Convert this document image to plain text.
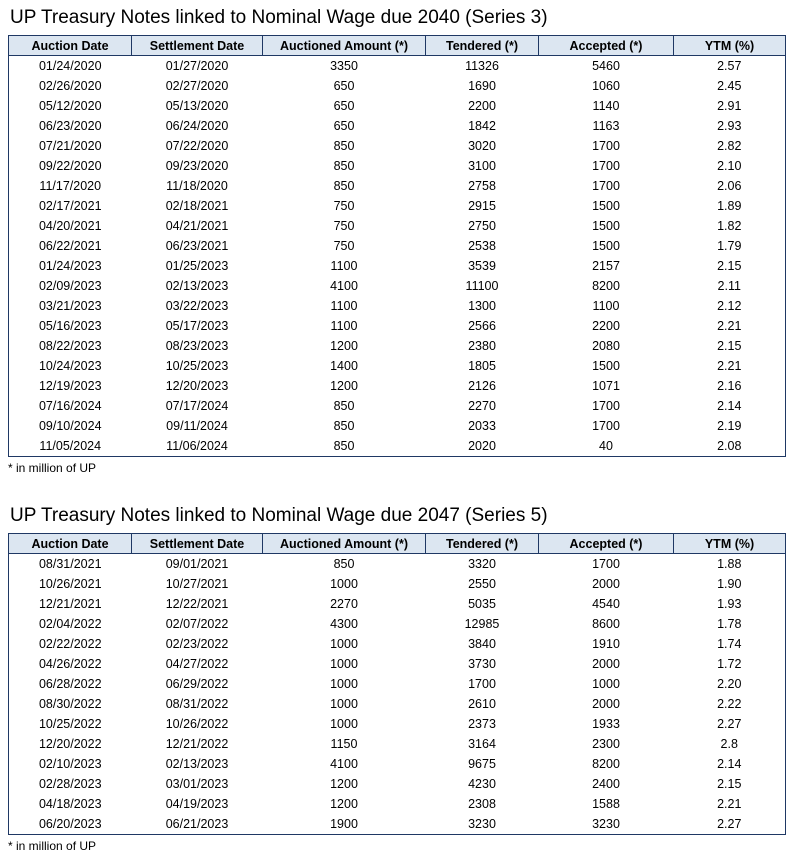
UP Treasury Notes linked to Nominal Wage due 2040 (Series 3)
Auction Date	Settlement Date	Auctioned Amount (*)	Tendered (*)	Accepted (*)	YTM (%)
01/24/2020	01/27/2020	3350	11326	5460	2.57
02/26/2020	02/27/2020	650	1690	1060	2.45
05/12/2020	05/13/2020	650	2200	1140	2.91
06/23/2020	06/24/2020	650	1842	1163	2.93
07/21/2020	07/22/2020	850	3020	1700	2.82
09/22/2020	09/23/2020	850	3100	1700	2.10
11/17/2020	11/18/2020	850	2758	1700	2.06
02/17/2021	02/18/2021	750	2915	1500	1.89
04/20/2021	04/21/2021	750	2750	1500	1.82
06/22/2021	06/23/2021	750	2538	1500	1.79
01/24/2023	01/25/2023	1100	3539	2157	2.15
02/09/2023	02/13/2023	4100	11100	8200	2.11
03/21/2023	03/22/2023	1100	1300	1100	2.12
05/16/2023	05/17/2023	1100	2566	2200	2.21
08/22/2023	08/23/2023	1200	2380	2080	2.15
10/24/2023	10/25/2023	1400	1805	1500	2.21
12/19/2023	12/20/2023	1200	2126	1071	2.16
07/16/2024	07/17/2024	850	2270	1700	2.14
09/10/2024	09/11/2024	850	2033	1700	2.19
11/05/2024	11/06/2024	850	2020	40	2.08
* in million of UP
UP Treasury Notes linked to Nominal Wage due 2047 (Series 5)
Auction Date	Settlement Date	Auctioned Amount (*)	Tendered (*)	Accepted (*)	YTM (%)
08/31/2021	09/01/2021	850	3320	1700	1.88
10/26/2021	10/27/2021	1000	2550	2000	1.90
12/21/2021	12/22/2021	2270	5035	4540	1.93
02/04/2022	02/07/2022	4300	12985	8600	1.78
02/22/2022	02/23/2022	1000	3840	1910	1.74
04/26/2022	04/27/2022	1000	3730	2000	1.72
06/28/2022	06/29/2022	1000	1700	1000	2.20
08/30/2022	08/31/2022	1000	2610	2000	2.22
10/25/2022	10/26/2022	1000	2373	1933	2.27
12/20/2022	12/21/2022	1150	3164	2300	2.8
02/10/2023	02/13/2023	4100	9675	8200	2.14
02/28/2023	03/01/2023	1200	4230	2400	2.15
04/18/2023	04/19/2023	1200	2308	1588	2.21
06/20/2023	06/21/2023	1900	3230	3230	2.27
* in million of UP
